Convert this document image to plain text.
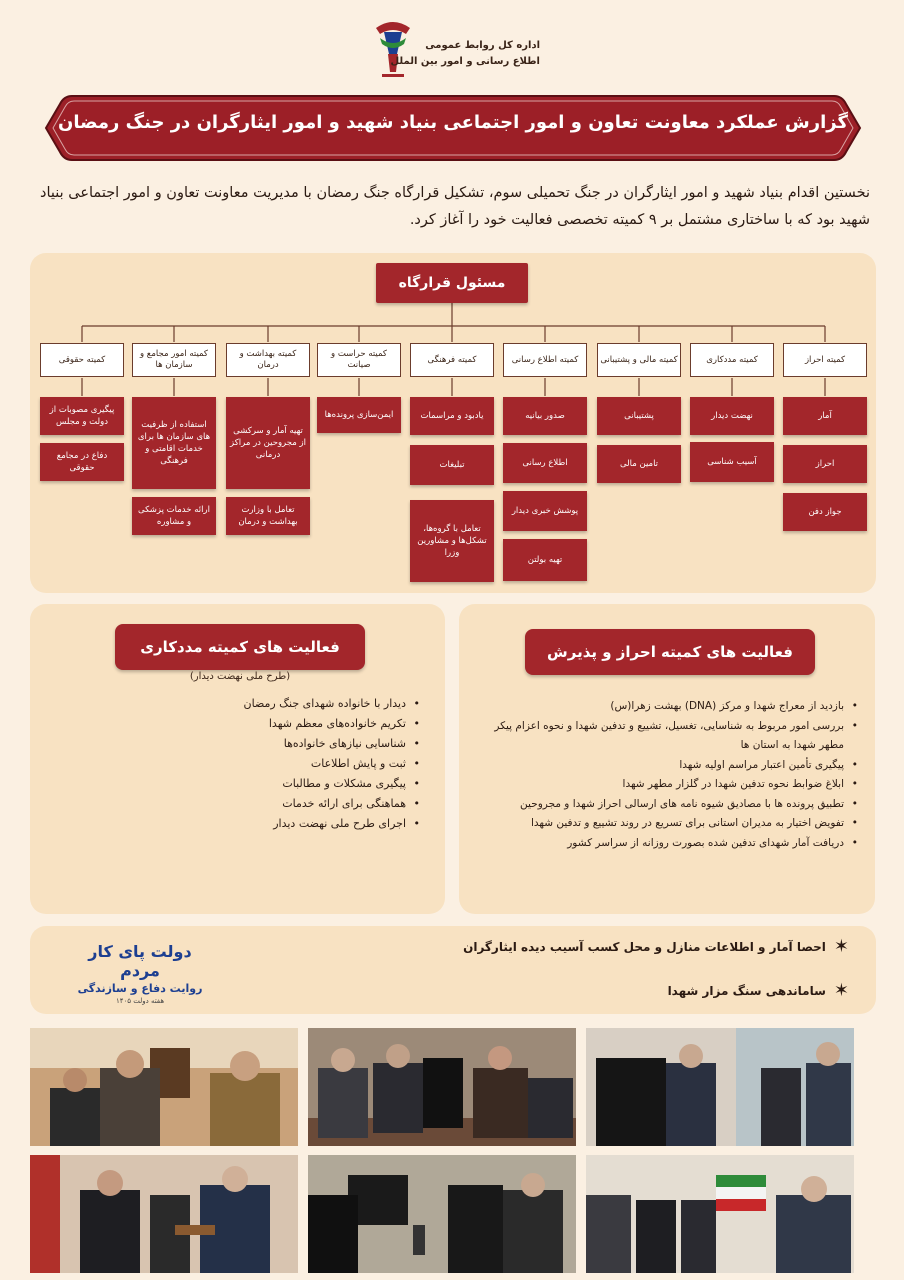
اداره کل روابط عمومی
اطلاع رسانی و امور بین الملل
گزارش عملکرد معاونت تعاون و امور اجتماعی بنیاد شهید و امور ایثارگران در جنگ رمضان

نخستین اقدام بنیاد شهید و امور ایثارگران در جنگ تحمیلی سوم، تشکیل قرارگاه جنگ رمضان با مدیریت معاونت تعاون و امور اجتماعی بنیاد شهید بود که با ساختاری مشتمل بر ۹ کمیته تخصصی فعالیت خود را آغاز کرد.

مسئول قرارگاه
کمیته احراز
کمیته مددکاری
کمیته مالی و پشتیبانی
کمیته اطلاع رسانی
کمیته فرهنگی
کمیته حراست و صیانت
کمیته بهداشت و درمان
کمیته امور مجامع و سازمان ها
کمیته حقوقی
آمار
احراز
جواز دفن
نهضت دیدار
آسیب شناسی
پشتیبانی
تامین مالی
صدور بیانیه
اطلاع رسانی
پوشش خبری دیدار
تهیه بولتن
یادبود و مراسمات
تبلیغات
تعامل با گروه‌ها، تشکل‌ها و مشاورین وزرا
ایمن‌سازی پرونده‌ها
تهیه آمار و سرکشی از مجروحین در مراکز درمانی
تعامل با وزارت بهداشت و درمان
استفاده از ظرفیت های سازمان ها برای خدمات اقامتی و فرهنگی
ارائه خدمات پزشکی و مشاوره
پیگیری مصوبات از دولت و مجلس
دفاع در مجامع حقوقی
فعالیت های کمیته مددکاری
(طرح ملی نهضت دیدار)
• دیدار با خانواده شهدای جنگ رمضان
• تکریم خانواده‌های معظم شهدا
• شناسایی نیازهای خانواده‌ها
• ثبت و پایش اطلاعات
• پیگیری مشکلات و مطالبات
• هماهنگی برای ارائه خدمات
• اجرای طرح ملی نهضت دیدار
فعالیت های کمیته احراز و پذیرش
• بازدید از معراج شهدا و مرکز (DNA) بهشت زهرا(س)
• بررسی امور مربوط به شناسایی، تغسیل، تشییع و تدفین شهدا و نحوه اعزام پیکر مطهر شهدا به استان ها
• پیگیری تأمین اعتبار مراسم اولیه شهدا
• ابلاغ ضوابط نحوه تدفین شهدا در گلزار مطهر شهدا
• تطبیق پرونده ها با مصادیق شیوه نامه های ارسالی احراز شهدا و مجروحین
• تفویض اختیار به مدیران استانی برای تسریع در روند تشییع و تدفین شهدا
• دریافت آمار شهدای تدفین شده بصورت روزانه از سراسر کشور
✶
احصا آمار و اطلاعات منازل و محل کسب آسیب دیده ایثارگران
✶
ساماندهی سنگ مزار شهدا
دولت پای کار مردم
روایت دفاع و سازندگی
هفته دولت ۱۴۰۵
